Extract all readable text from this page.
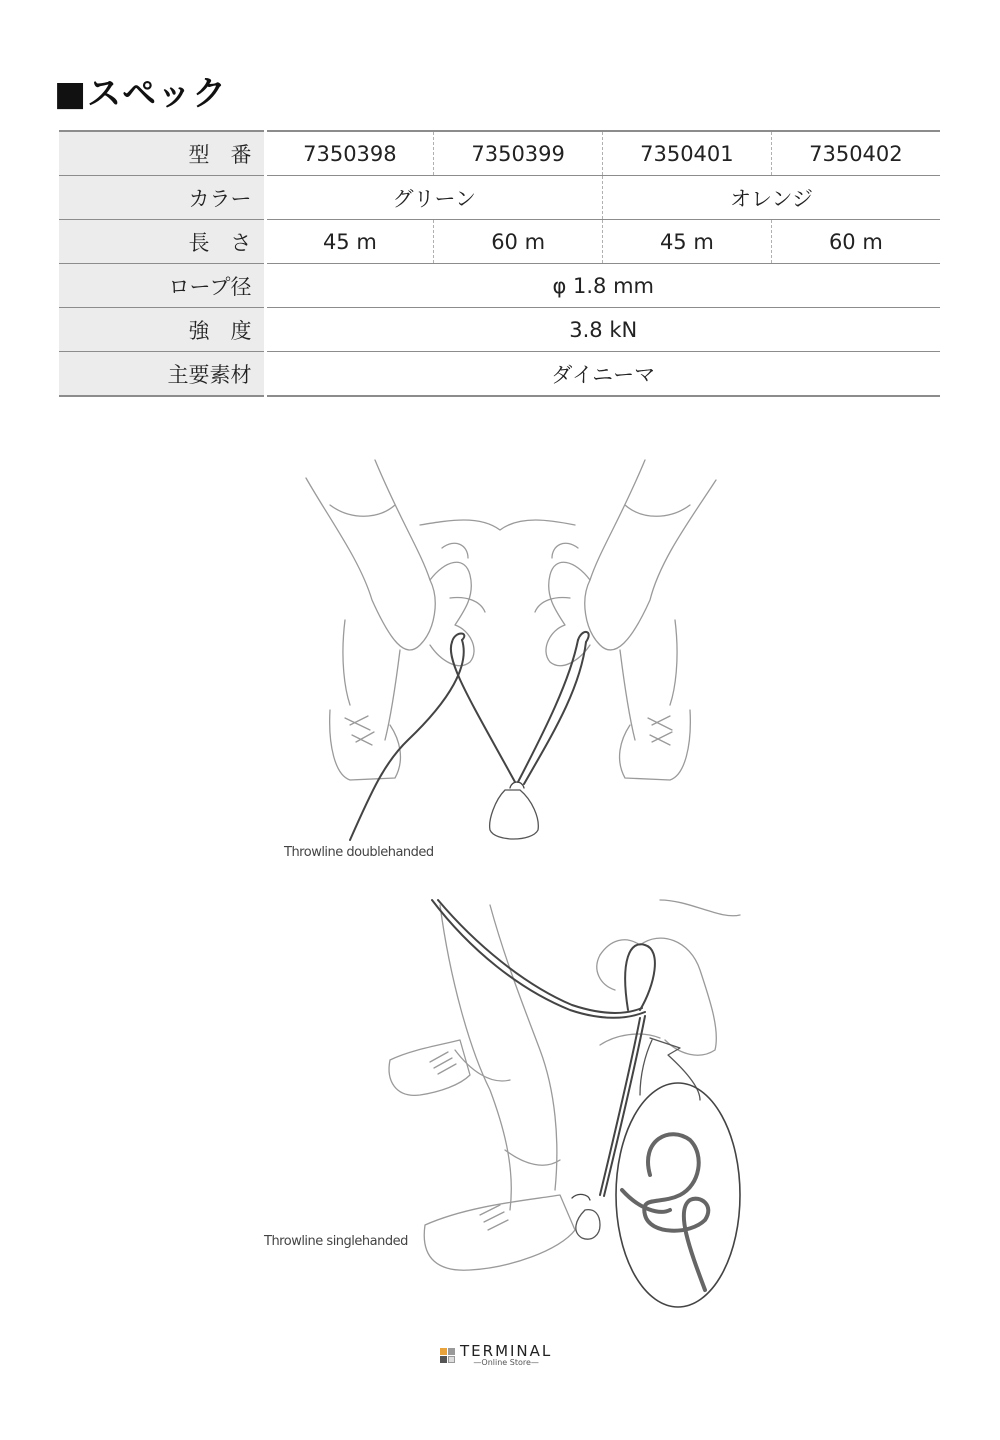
■スペック
型　番	7350398	7350399	7350401	7350402
カラー	グリーン		オレンジ	
長　さ	45 m	60 m	45 m	60 m
ロープ径	φ 1.8 mm			
強　度	3.8 kN			
主要素材	ダイニーマ			
Throwline doublehanded
Throwline singlehanded
TERMINAL
—Online Store—
